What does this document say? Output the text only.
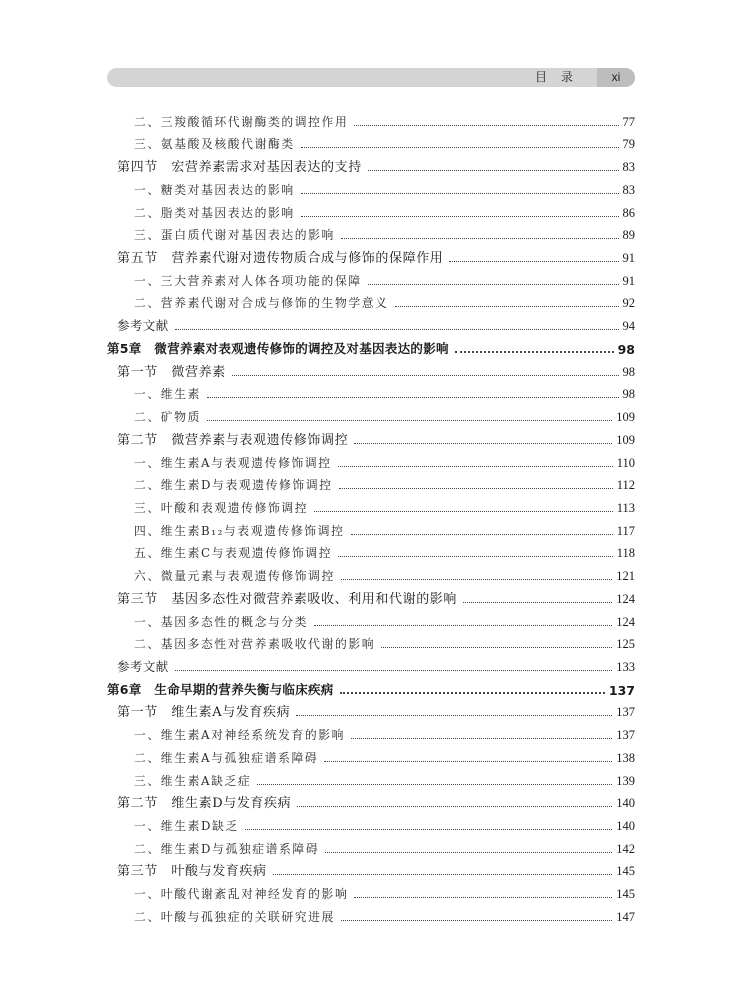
目录	xi
二、三羧酸循环代谢酶类的调控作用	77
三、氨基酸及核酸代谢酶类	79
第四节　宏营养素需求对基因表达的支持	83
一、糖类对基因表达的影响	83
二、脂类对基因表达的影响	86
三、蛋白质代谢对基因表达的影响	89
第五节　营养素代谢对遗传物质合成与修饰的保障作用	91
一、三大营养素对人体各项功能的保障	91
二、营养素代谢对合成与修饰的生物学意义	92
参考文献	94
第5章　微营养素对表观遗传修饰的调控及对基因表达的影响	98
第一节　微营养素	98
一、维生素	98
二、矿物质	109
第二节　微营养素与表观遗传修饰调控	109
一、维生素A与表观遗传修饰调控	110
二、维生素D与表观遗传修饰调控	112
三、叶酸和表观遗传修饰调控	113
四、维生素B₁₂与表观遗传修饰调控	117
五、维生素C与表观遗传修饰调控	118
六、微量元素与表观遗传修饰调控	121
第三节　基因多态性对微营养素吸收、利用和代谢的影响	124
一、基因多态性的概念与分类	124
二、基因多态性对营养素吸收代谢的影响	125
参考文献	133
第6章　生命早期的营养失衡与临床疾病	137
第一节　维生素A与发育疾病	137
一、维生素A对神经系统发育的影响	137
二、维生素A与孤独症谱系障碍	138
三、维生素A缺乏症	139
第二节　维生素D与发育疾病	140
一、维生素D缺乏	140
二、维生素D与孤独症谱系障碍	142
第三节　叶酸与发育疾病	145
一、叶酸代谢紊乱对神经发育的影响	145
二、叶酸与孤独症的关联研究进展	147
